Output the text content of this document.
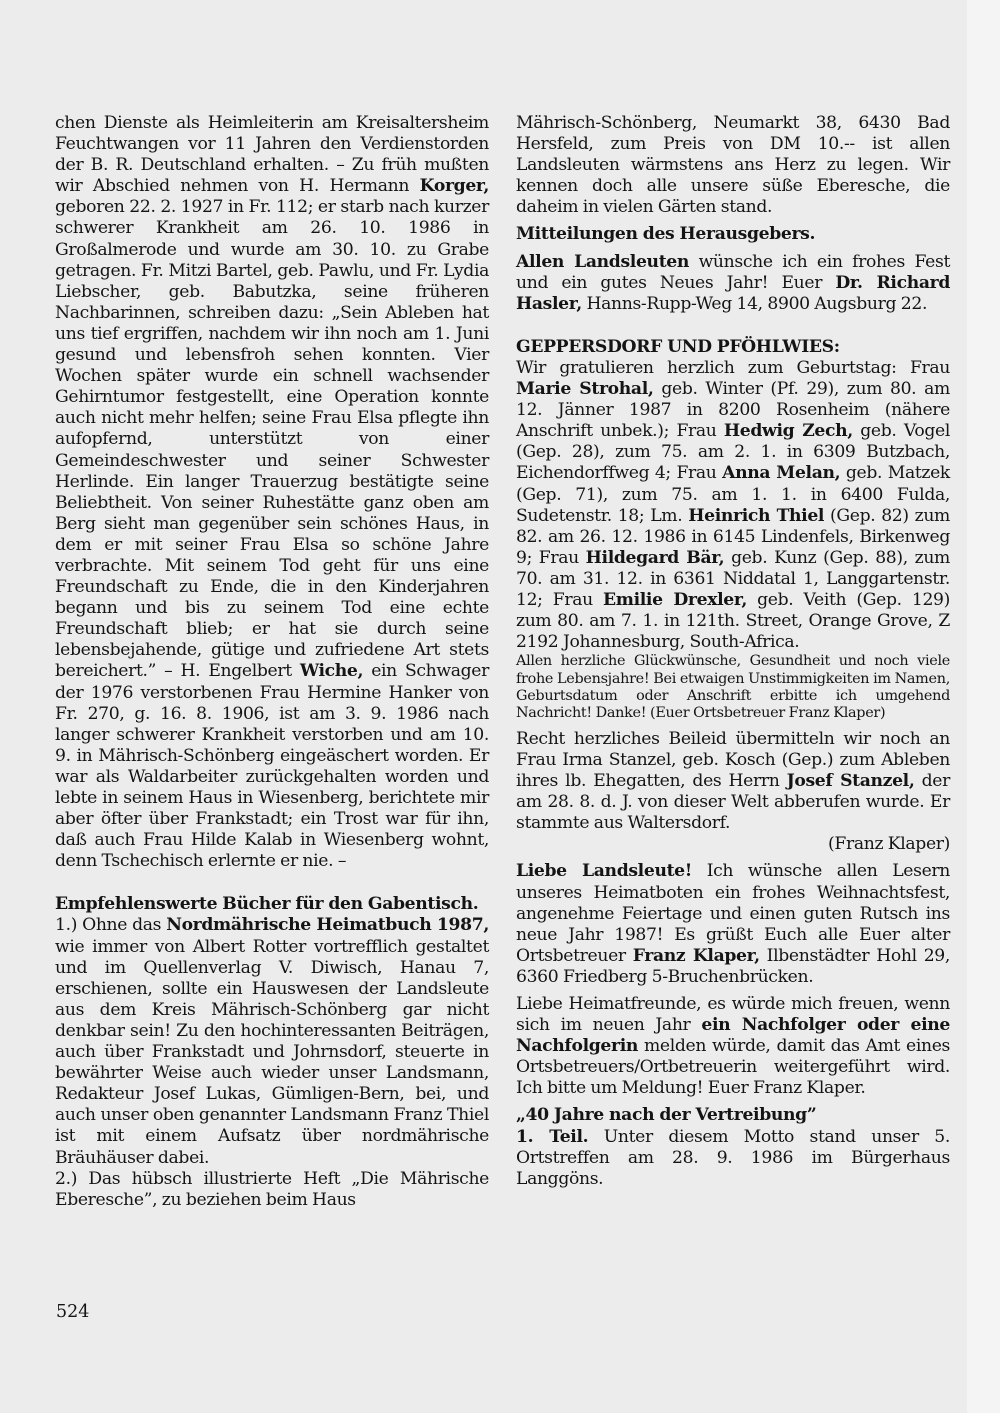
chen Dienste als Heimleiterin am Kreisaltersheim Feuchtwangen vor 11 Jahren den Verdienstorden der B. R. Deutschland erhalten. – Zu früh mußten wir Abschied nehmen von H. Hermann Korger, geboren 22. 2. 1927 in Fr. 112; er starb nach kurzer schwerer Krankheit am 26. 10. 1986 in Großalmerode und wurde am 30. 10. zu Grabe getragen. Fr. Mitzi Bartel, geb. Pawlu, und Fr. Lydia Liebscher, geb. Babutzka, seine früheren Nachbarinnen, schreiben dazu: „Sein Ableben hat uns tief ergriffen, nachdem wir ihn noch am 1. Juni gesund und lebensfroh sehen konnten. Vier Wochen später wurde ein schnell wachsender Gehirntumor festgestellt, eine Operation konnte auch nicht mehr helfen; seine Frau Elsa pflegte ihn aufopfernd, unterstützt von einer Gemeindeschwester und seiner Schwester Herlinde. Ein langer Trauerzug bestätigte seine Beliebtheit. Von seiner Ruhestätte ganz oben am Berg sieht man gegenüber sein schönes Haus, in dem er mit seiner Frau Elsa so schöne Jahre verbrachte. Mit seinem Tod geht für uns eine Freundschaft zu Ende, die in den Kinderjahren begann und bis zu seinem Tod eine echte Freundschaft blieb; er hat sie durch seine lebensbejahende, gütige und zufriedene Art stets bereichert.” – H. Engelbert Wiche, ein Schwager der 1976 verstorbenen Frau Hermine Hanker von Fr. 270, g. 16. 8. 1906, ist am 3. 9. 1986 nach langer schwerer Krankheit verstorben und am 10. 9. in Mährisch-Schönberg eingeäschert worden. Er war als Waldarbeiter zurückgehalten worden und lebte in seinem Haus in Wiesenberg, berichtete mir aber öfter über Frankstadt; ein Trost war für ihn, daß auch Frau Hilde Kalab in Wiesenberg wohnt, denn Tschechisch erlernte er nie. –

Empfehlenswerte Bücher für den Gabentisch.

1.) Ohne das Nordmährische Heimatbuch 1987, wie immer von Albert Rotter vortrefflich gestaltet und im Quellenverlag V. Diwisch, Hanau 7, erschienen, sollte ein Hauswesen der Landsleute aus dem Kreis Mährisch-Schönberg gar nicht denkbar sein! Zu den hochinteressanten Beiträgen, auch über Frankstadt und Johrnsdorf, steuerte in bewährter Weise auch wieder unser Landsmann, Redakteur Josef Lukas, Gümligen-Bern, bei, und auch unser oben genannter Landsmann Franz Thiel ist mit einem Aufsatz über nordmährische Bräuhäuser dabei.

2.) Das hübsch illustrierte Heft „Die Mährische Eberesche”, zu beziehen beim Haus

Mährisch-Schönberg, Neumarkt 38, 6430 Bad Hersfeld, zum Preis von DM 10.-- ist allen Landsleuten wärmstens ans Herz zu legen. Wir kennen doch alle unsere süße Eberesche, die daheim in vielen Gärten stand.

Mitteilungen des Herausgebers.

Allen Landsleuten wünsche ich ein frohes Fest und ein gutes Neues Jahr! Euer Dr. Richard Hasler, Hanns-Rupp-Weg 14, 8900 Augsburg 22.

GEPPERSDORF UND PFÖHLWIES:

Wir gratulieren herzlich zum Geburtstag: Frau Marie Strohal, geb. Winter (Pf. 29), zum 80. am 12. Jänner 1987 in 8200 Rosenheim (nähere Anschrift unbek.); Frau Hedwig Zech, geb. Vogel (Gep. 28), zum 75. am 2. 1. in 6309 Butzbach, Eichendorffweg 4; Frau Anna Melan, geb. Matzek (Gep. 71), zum 75. am 1. 1. in 6400 Fulda, Sudetenstr. 18; Lm. Heinrich Thiel (Gep. 82) zum 82. am 26. 12. 1986 in 6145 Lindenfels, Birkenweg 9; Frau Hildegard Bär, geb. Kunz (Gep. 88), zum 70. am 31. 12. in 6361 Niddatal 1, Langgartenstr. 12; Frau Emilie Drexler, geb. Veith (Gep. 129) zum 80. am 7. 1. in 121th. Street, Orange Grove, Z 2192 Johannesburg, South-Africa.

Allen herzliche Glückwünsche, Gesundheit und noch viele frohe Lebensjahre! Bei etwaigen Unstimmigkeiten im Namen, Geburtsdatum oder Anschrift erbitte ich umgehend Nachricht! Danke! (Euer Ortsbetreuer Franz Klaper)

Recht herzliches Beileid übermitteln wir noch an Frau Irma Stanzel, geb. Kosch (Gep.) zum Ableben ihres lb. Ehegatten, des Herrn Josef Stanzel, der am 28. 8. d. J. von dieser Welt abberufen wurde. Er stammte aus Waltersdorf.

(Franz Klaper)

Liebe Landsleute! Ich wünsche allen Lesern unseres Heimatboten ein frohes Weihnachtsfest, angenehme Feiertage und einen guten Rutsch ins neue Jahr 1987! Es grüßt Euch alle Euer alter Ortsbetreuer Franz Klaper, Ilbenstädter Hohl 29, 6360 Friedberg 5-Bruchenbrücken.

Liebe Heimatfreunde, es würde mich freuen, wenn sich im neuen Jahr ein Nachfolger oder eine Nachfolgerin melden würde, damit das Amt eines Ortsbetreuers/Ortbetreuerin weitergeführt wird. Ich bitte um Meldung! Euer Franz Klaper.

„40 Jahre nach der Vertreibung”

1. Teil. Unter diesem Motto stand unser 5. Ortstreffen am 28. 9. 1986 im Bürgerhaus Langgöns.

524
